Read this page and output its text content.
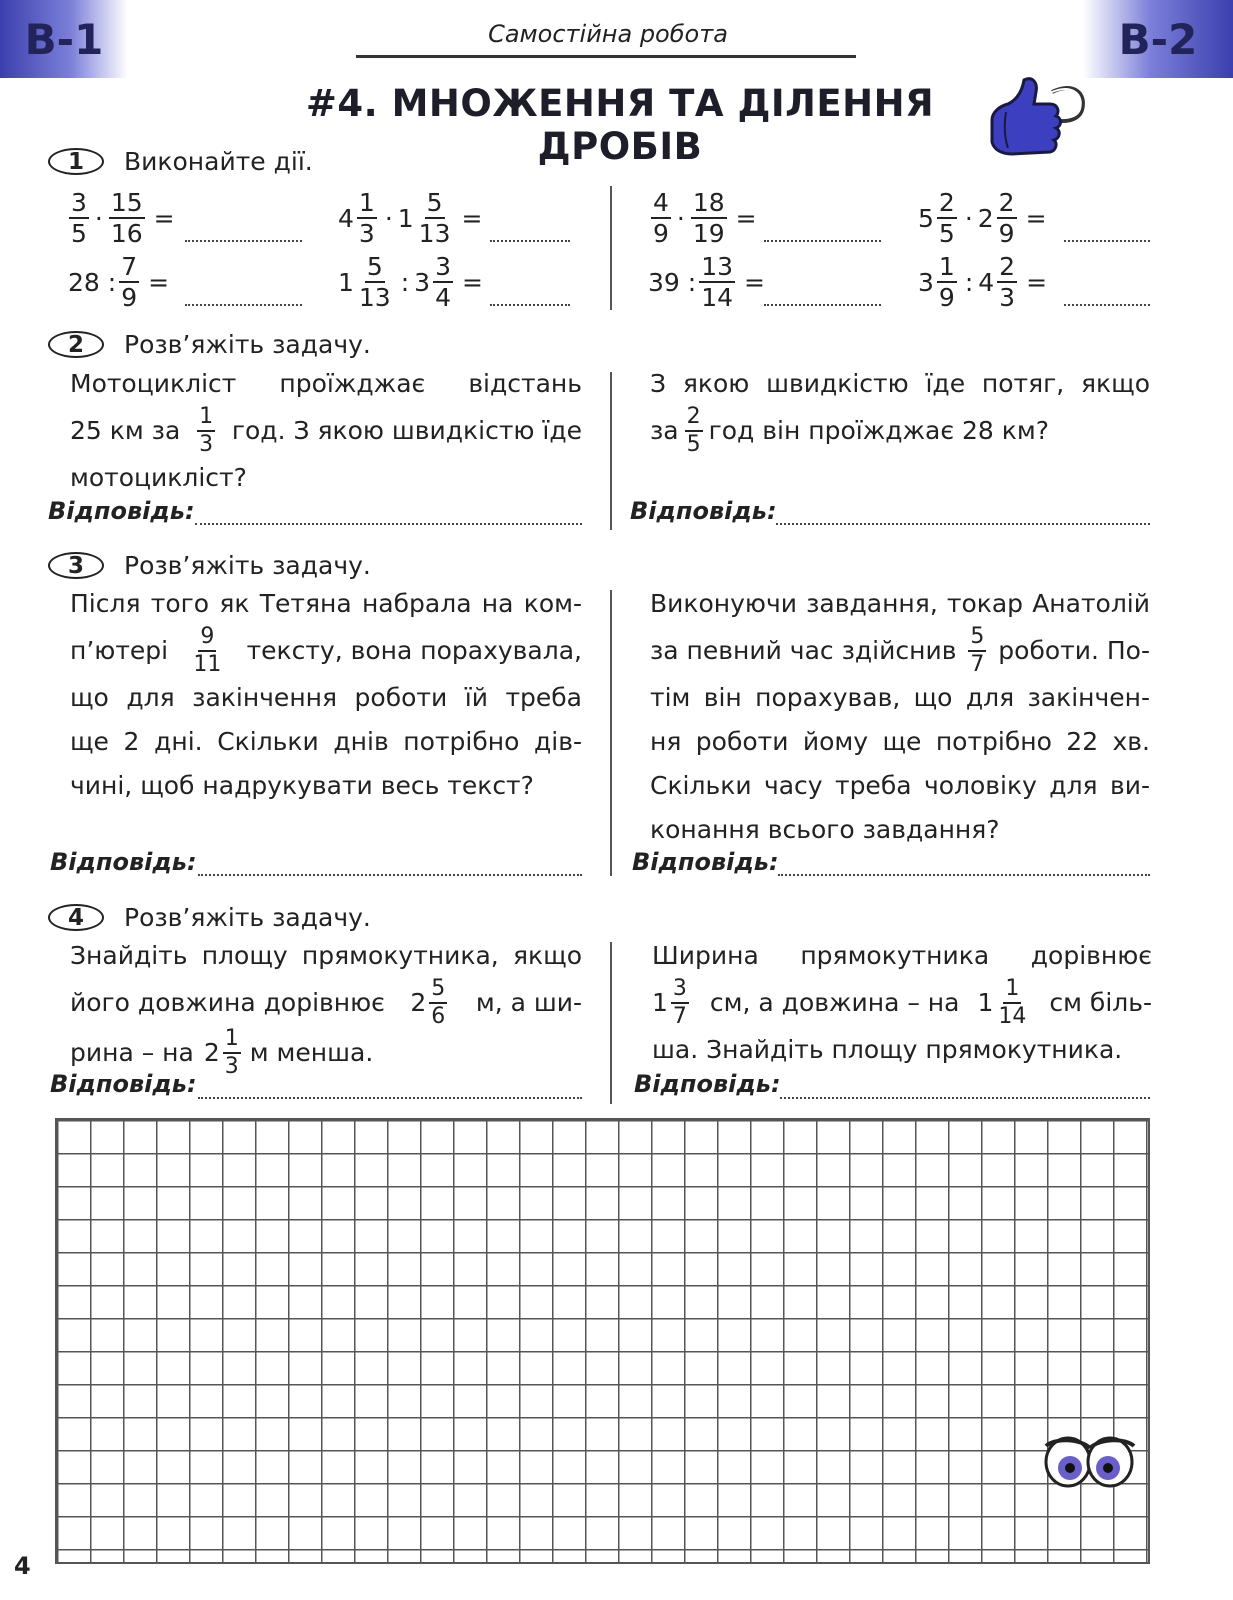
В-1	В-2
Самостійна робота
#4. МНОЖЕННЯ ТА ДІЛЕННЯ ДРОБІВ
1	Виконайте дії.
$\frac{3}{5} \cdot \frac{15}{16}$ =	$4 \frac{1}{3} \cdot 1 \frac{5}{13}$ =
28 : $\frac{7}{9}$ =	$1 \frac{5}{13}$ : $3 \frac{3}{4}$ =
$\frac{4}{9} \cdot \frac{18}{19}$ =	$5 \frac{2}{5} \cdot 2 \frac{2}{9}$ =
39 : $\frac{13}{14}$ =	$3 \frac{1}{9}$ : $4 \frac{2}{3}$ =
2	Розв’яжіть задачу.
Мотоцикліст проїжджає відстань
25 км за $\frac{1}{3}$ год. З якою швидкістю їде
мотоцикліст?
Відповідь:
З якою швидкістю їде потяг, якщо
за $\frac{2}{5}$ год він проїжджає 28 км?
Відповідь:
3	Розв’яжіть задачу.
Після того як Тетяна набрала на ком-
п’ютері $\frac{9}{11}$ тексту, вона порахувала,
що для закінчення роботи їй треба
ще 2 дні. Скільки днів потрібно дів-
чині, щоб надрукувати весь текст?
Відповідь:
Виконуючи завдання, токар Анатолій
за певний час здійснив $\frac{5}{7}$ роботи. По-
тім він порахував, що для закінчен-
ня роботи йому ще потрібно 22 хв.
Скільки часу треба чоловіку для ви-
конання всього завдання?
Відповідь:
4	Розв’яжіть задачу.
Знайдіть площу прямокутника, якщо
його довжина дорівнює $2 \frac{5}{6} м$, а ши-
рина – на $2 \frac{1}{3}$ м менша.
Відповідь:
Ширина прямокутника дорівнює
$1 \frac{3}{7}$ см, а довжина – на $1 \frac{1}{14}$ см біль-
ша. Знайдіть площу прямокутника.
Відповідь:
4
